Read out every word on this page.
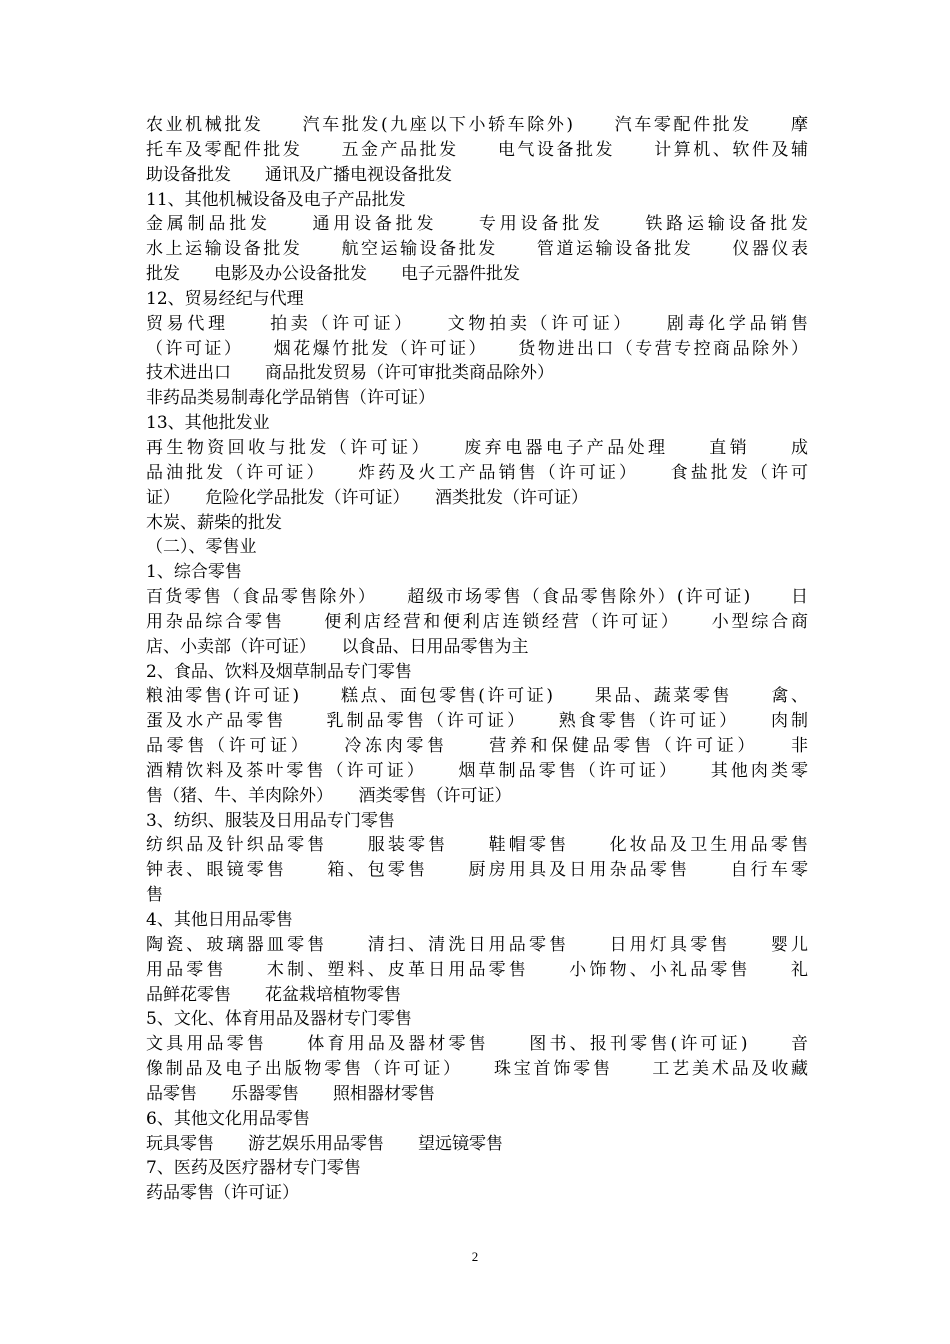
农业机械批发　　汽车批发(九座以下小轿车除外)　　汽车零配件批发　　摩
托车及零配件批发　　五金产品批发　　电气设备批发　　计算机、软件及辅
助设备批发　　通讯及广播电视设备批发
11、其他机械设备及电子产品批发
金属制品批发　　通用设备批发　　专用设备批发　　铁路运输设备批发
水上运输设备批发　　航空运输设备批发　　管道运输设备批发　　仪器仪表
批发　　电影及办公设备批发　　电子元器件批发
12、贸易经纪与代理
贸易代理　　拍卖（许可证）　　文物拍卖（许可证）　　剧毒化学品销售
（许可证）　　烟花爆竹批发（许可证）　　货物进出口（专营专控商品除外）
技术进出口　　商品批发贸易（许可审批类商品除外）
非药品类易制毒化学品销售（许可证）
13、其他批发业
再生物资回收与批发（许可证）　　废弃电器电子产品处理　　直销　　成
品油批发（许可证）　　炸药及火工产品销售（许可证）　　食盐批发（许可
证）　　危险化学品批发（许可证）　　酒类批发（许可证）
木炭、薪柴的批发
（二）、零售业
1、综合零售
百货零售（食品零售除外）　　超级市场零售（食品零售除外）(许可证)　　日
用杂品综合零售　　便利店经营和便利店连锁经营（许可证）　　小型综合商
店、小卖部（许可证）　　以食品、日用品零售为主
2、食品、饮料及烟草制品专门零售
粮油零售(许可证)　　糕点、面包零售(许可证)　　果品、蔬菜零售　　禽、
蛋及水产品零售　　乳制品零售（许可证）　　熟食零售（许可证）　　肉制
品零售（许可证）　　冷冻肉零售　　营养和保健品零售（许可证）　　非
酒精饮料及茶叶零售（许可证）　　烟草制品零售（许可证）　　其他肉类零
售（猪、牛、羊肉除外）　　酒类零售（许可证）
3、纺织、服装及日用品专门零售
纺织品及针织品零售　　服装零售　　鞋帽零售　　化妆品及卫生用品零售
钟表、眼镜零售　　箱、包零售　　厨房用具及日用杂品零售　　自行车零
售
4、其他日用品零售
陶瓷、玻璃器皿零售　　清扫、清洗日用品零售　　日用灯具零售　　婴儿
用品零售　　木制、塑料、皮革日用品零售　　小饰物、小礼品零售　　礼
品鲜花零售　　花盆栽培植物零售
5、文化、体育用品及器材专门零售
文具用品零售　　体育用品及器材零售　　图书、报刊零售(许可证)　　音
像制品及电子出版物零售（许可证）　　珠宝首饰零售　　工艺美术品及收藏
品零售　　乐器零售　　照相器材零售
6、其他文化用品零售
玩具零售　　游艺娱乐用品零售　　望远镜零售
7、医药及医疗器材专门零售
药品零售（许可证）
2
